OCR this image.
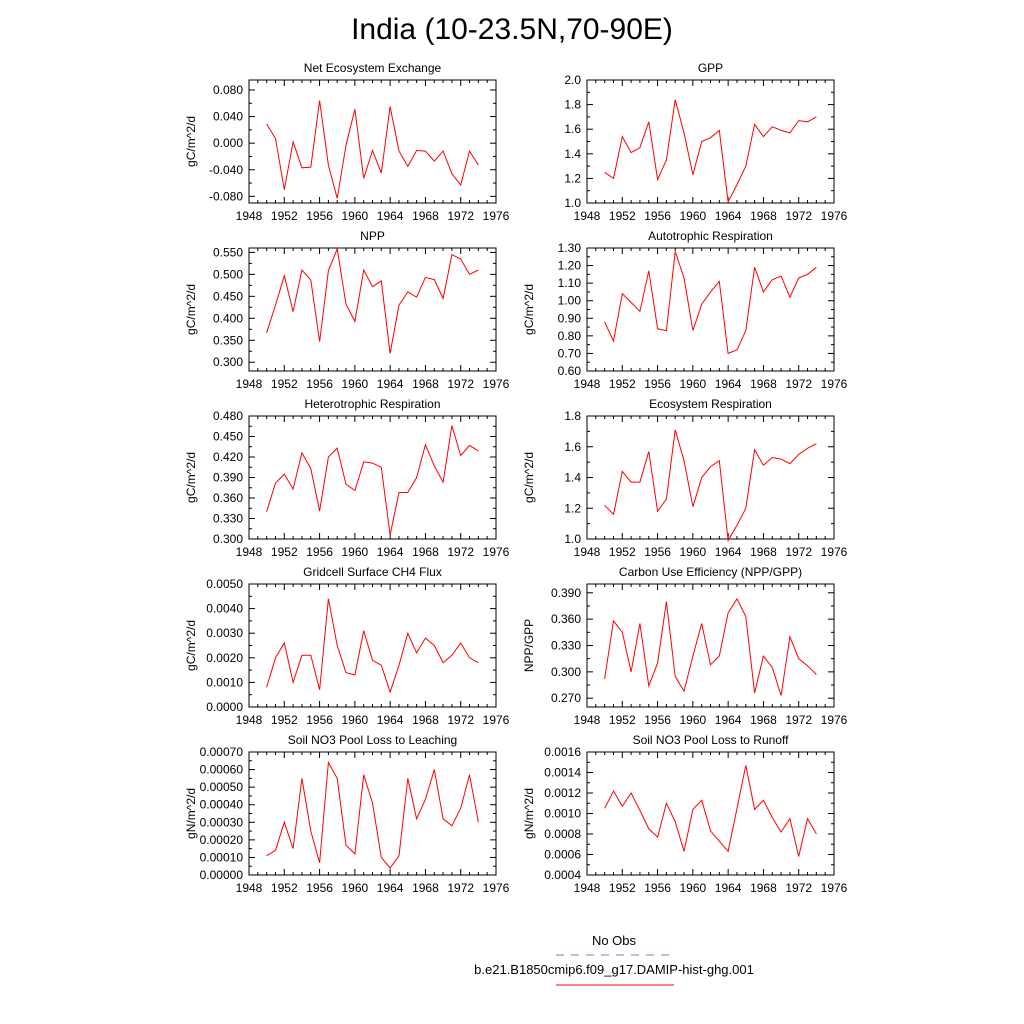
India (10-23.5N,70-90E)
Net Ecosystem Exchange
gC/m^2/d
1948 1952 1956 1960 1964 1968 1972 1976
-0.080
-0.040
0.000
0.040
0.080
GPP
1948 1952 1956 1960 1964 1968 1972 1976
1.0
1.2
1.4
1.6
1.8
2.0
NPP
gC/m^2/d
1948 1952 1956 1960 1964 1968 1972 1976
0.300
0.350
0.400
0.450
0.500
0.550
Autotrophic Respiration
gC/m^2/d
1948 1952 1956 1960 1964 1968 1972 1976
0.60
0.70
0.80
0.90
1.00
1.10
1.20
1.30
Heterotrophic Respiration
gC/m^2/d
1948 1952 1956 1960 1964 1968 1972 1976
0.300
0.330
0.360
0.390
0.420
0.450
0.480
Ecosystem Respiration
gC/m^2/d
1948 1952 1956 1960 1964 1968 1972 1976
1.0
1.2
1.4
1.6
1.8
Gridcell Surface CH4 Flux
gC/m^2/d
1948 1952 1956 1960 1964 1968 1972 1976
0.0000
0.0010
0.0020
0.0030
0.0040
0.0050
Carbon Use Efficiency (NPP/GPP)
NPP/GPP
1948 1952 1956 1960 1964 1968 1972 1976
0.270
0.300
0.330
0.360
0.390
Soil NO3 Pool Loss to Leaching
gN/m^2/d
1948 1952 1956 1960 1964 1968 1972 1976
0.00000
0.00010
0.00020
0.00030
0.00040
0.00050
0.00060
0.00070
Soil NO3 Pool Loss to Runoff
gN/m^2/d
1948 1952 1956 1960 1964 1968 1972 1976
0.0004
0.0006
0.0008
0.0010
0.0012
0.0014
0.0016
No Obs
b.e21.B1850cmip6.f09_g17.DAMIP-hist-ghg.001
